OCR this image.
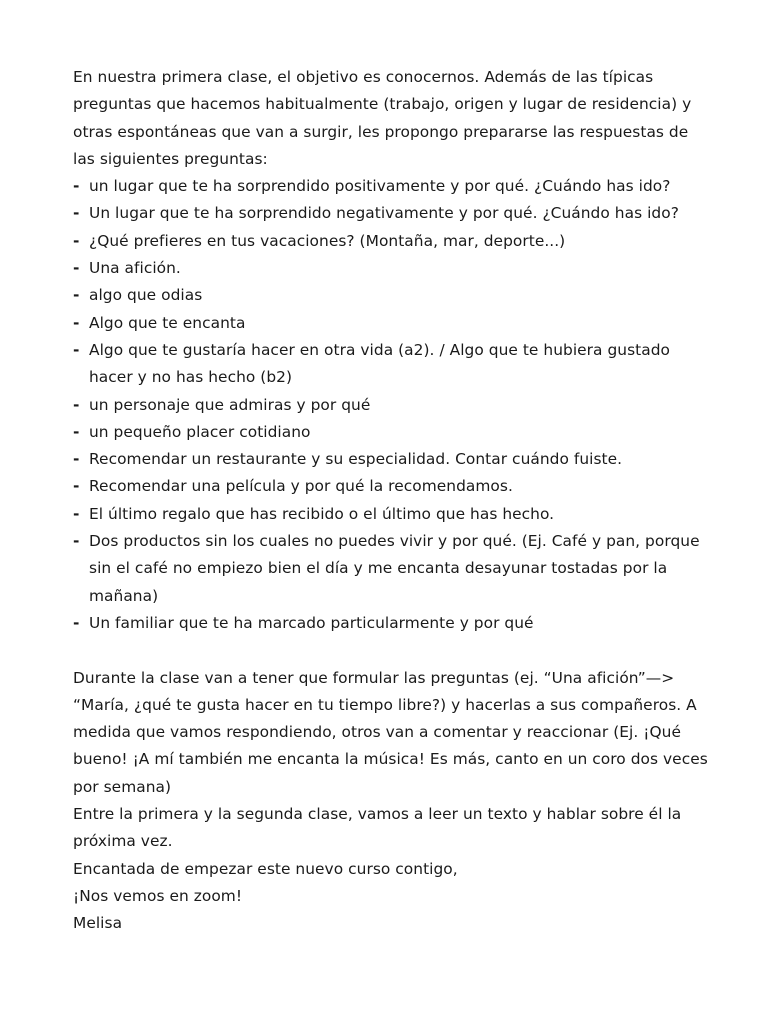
En nuestra primera clase, el objetivo es conocernos. Además de las típicas preguntas que hacemos habitualmente (trabajo, origen y lugar de residencia) y otras espontáneas que van a surgir, les propongo prepararse las respuestas de las siguientes preguntas:

- un lugar que te ha sorprendido positivamente y por qué. ¿Cuándo has ido?
- Un lugar que te ha sorprendido negativamente y por qué. ¿Cuándo has ido?
- ¿Qué prefieres en tus vacaciones? (Montaña, mar, deporte...)
- Una afición.
- algo que odias
- Algo que te encanta
- Algo que te gustaría hacer en otra vida (a2). / Algo que te hubiera gustado hacer y no has hecho (b2)
- un personaje que admiras y por qué
- un pequeño placer cotidiano
- Recomendar un restaurante y su especialidad. Contar cuándo fuiste.
- Recomendar una película y por qué la recomendamos.
- El último regalo que has recibido o el último que has hecho.
- Dos productos sin los cuales no puedes vivir y por qué. (Ej. Café y pan, porque sin el café no empiezo bien el día y me encanta desayunar tostadas por la mañana)
- Un familiar que te ha marcado particularmente y por qué

Durante la clase van a tener que formular las preguntas (ej. “Una afición”—> “María, ¿qué te gusta hacer en tu tiempo libre?) y hacerlas a sus compañeros. A medida que vamos respondiendo, otros van a comentar y reaccionar (Ej. ¡Qué bueno! ¡A mí también me encanta la música! Es más, canto en un coro dos veces por semana)

Entre la primera y la segunda clase, vamos a leer un texto y hablar sobre él la próxima vez.

Encantada de empezar este nuevo curso contigo,

¡Nos vemos en zoom!

Melisa
